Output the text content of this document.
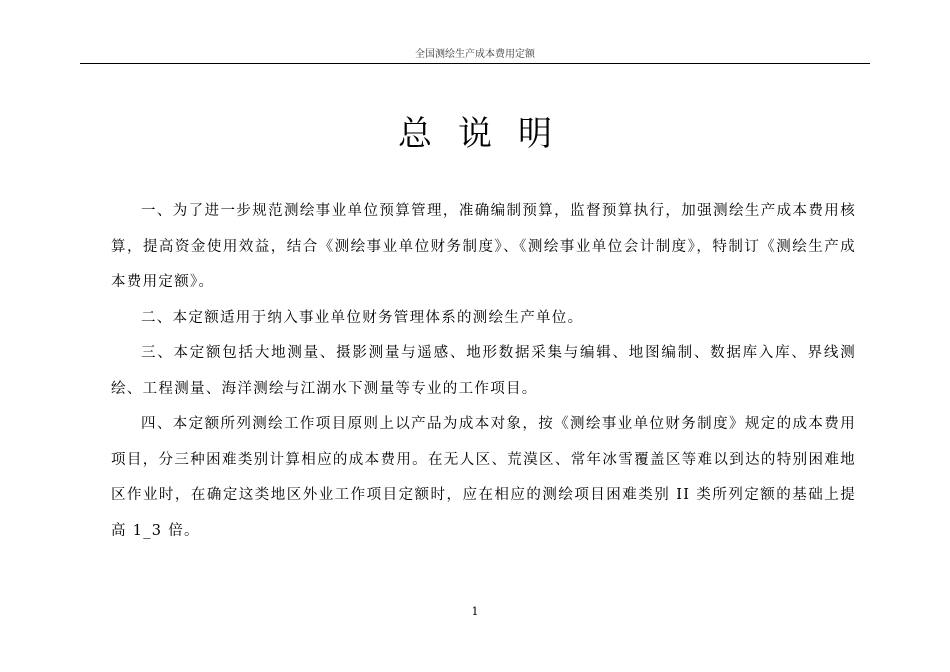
全国测绘生产成本费用定额
总说明

一、为了进一步规范测绘事业单位预算管理，准确编制预算，监督预算执行，加强测绘生产成本费用核算，提高资金使用效益，结合《测绘事业单位财务制度》、《测绘事业单位会计制度》，特制订《测绘生产成本费用定额》。

二、本定额适用于纳入事业单位财务管理体系的测绘生产单位。

三、本定额包括大地测量、摄影测量与遥感、地形数据采集与编辑、地图编制、数据库入库、界线测绘、工程测量、海洋测绘与江湖水下测量等专业的工作项目。

四、本定额所列测绘工作项目原则上以产品为成本对象，按《测绘事业单位财务制度》规定的成本费用项目，分三种困难类别计算相应的成本费用。在无人区、荒漠区、常年冰雪覆盖区等难以到达的特别困难地区作业时，在确定这类地区外业工作项目定额时，应在相应的测绘项目困难类别 II 类所列定额的基础上提高 1_3 倍。

1
